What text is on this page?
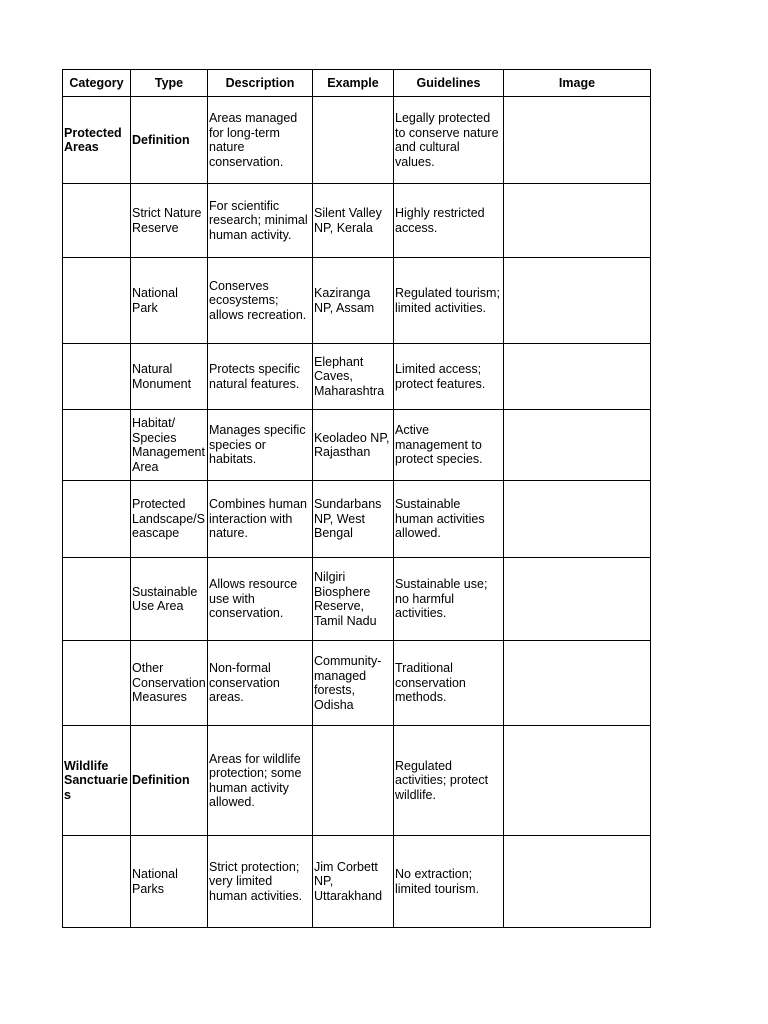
Category	Type	Description	Example	Guidelines	Image
Protected Areas	Definition	Areas managed for long-term nature conservation.		Legally protected to conserve nature and cultural values.	
	Strict Nature Reserve	For scientific research; minimal human activity.	Silent Valley NP, Kerala	Highly restricted access.	
	National Park	Conserves ecosystems; allows recreation.	Kaziranga NP, Assam	Regulated tourism; limited activities.	
	Natural Monument	Protects specific natural features.	Elephant Caves, Maharashtra	Limited access; protect features.	
	Habitat/ Species Management Area	Manages specific species or habitats.	Keoladeo NP, Rajasthan	Active management to protect species.	
	Protected Landscape/Seascape	Combines human interaction with nature.	Sundarbans NP, West Bengal	Sustainable human activities allowed.	
	Sustainable Use Area	Allows resource use with conservation.	Nilgiri Biosphere Reserve, Tamil Nadu	Sustainable use; no harmful activities.	
	Other Conservation Measures	Non-formal conservation areas.	Community-managed forests, Odisha	Traditional conservation methods.	
Wildlife Sanctuaries	Definition	Areas for wildlife protection; some human activity allowed.		Regulated activities; protect wildlife.	
	National Parks	Strict protection; very limited human activities.	Jim Corbett NP, Uttarakhand	No extraction; limited tourism.	
